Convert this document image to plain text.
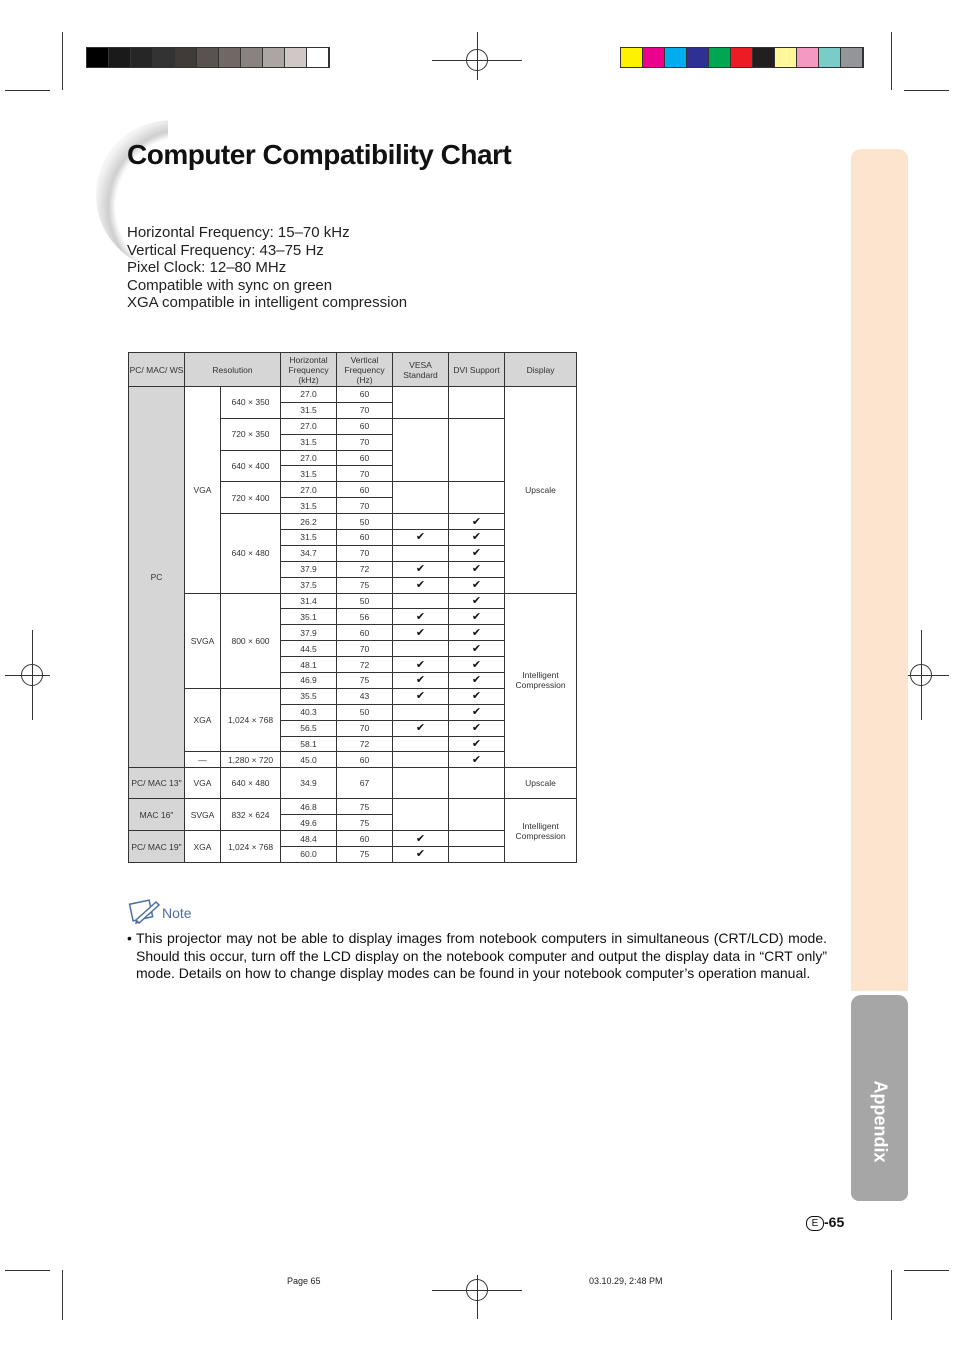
Appendix
Computer Compatibility Chart
Horizontal Frequency: 15–70 kHz
Vertical Frequency: 43–75 Hz
Pixel Clock: 12–80 MHz
Compatible with sync on green
XGA compatible in intelligent compression
PC/ MAC/ WS	Resolution		Horizontal Frequency (kHz)	Vertical Frequency (Hz)	VESA Standard	DVI Support	Display
PC	VGA	640 × 350	27.0	60			Upscale
			31.5	70			
		720 × 350	27.0	60			
			31.5	70			
		640 × 400	27.0	60			
			31.5	70			
		720 × 400	27.0	60			
			31.5	70			
		640 × 480	26.2	50		✔	
			31.5	60	✔	✔	
			34.7	70		✔	
			37.9	72	✔	✔	
			37.5	75	✔	✔	
	SVGA	800 × 600	31.4	50		✔	Intelligent Compression
			35.1	56	✔	✔	
			37.9	60	✔	✔	
			44.5	70		✔	
			48.1	72	✔	✔	
			46.9	75	✔	✔	
	XGA	1,024 × 768	35.5	43	✔	✔	
			40.3	50		✔	
			56.5	70	✔	✔	
			58.1	72		✔	
	—	1,280 × 720	45.0	60		✔	
PC/ MAC 13"	VGA	640 × 480	34.9	67			Upscale
MAC 16"	SVGA	832 × 624	46.8	75			Intelligent Compression
			49.6	75			
PC/ MAC 19"	XGA	1,024 × 768	48.4	60	✔		
			60.0	75	✔		
Note
• This projector may not be able to display images from notebook computers in simultaneous (CRT/LCD) mode. Should this occur, turn off the LCD display on the notebook computer and output the display data in “CRT only” mode. Details on how to change display modes can be found in your notebook computer’s operation manual.
E -65
Page 65	03.10.29, 2:48 PM
